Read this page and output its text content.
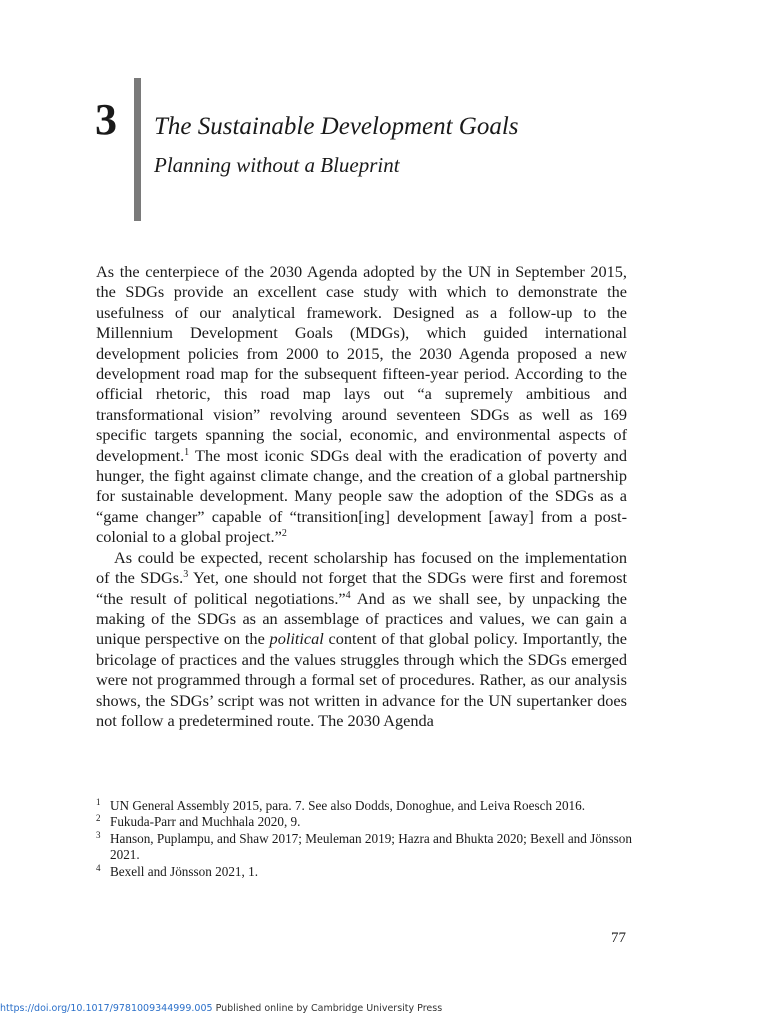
3 The Sustainable Development Goals
Planning without a Blueprint

As the centerpiece of the 2030 Agenda adopted by the UN in September 2015, the SDGs provide an excellent case study with which to demonstrate the usefulness of our analytical framework. Designed as a follow-up to the Millennium Development Goals (MDGs), which guided international development policies from 2000 to 2015, the 2030 Agenda proposed a new development road map for the subsequent fifteen-year period. According to the official rhetoric, this road map lays out “a supremely ambitious and transformational vision” revolving around seventeen SDGs as well as 169 specific targets spanning the social, economic, and environmental aspects of development.$^1$ The most iconic SDGs deal with the eradication of poverty and hunger, the fight against climate change, and the creation of a global partnership for sustainable development. Many people saw the adoption of the SDGs as a “game changer” capable of “transition[ing] development [away] from a post-colonial to a global project.”$^2$

As could be expected, recent scholarship has focused on the implementation of the SDGs.$^3$ Yet, one should not forget that the SDGs were first and foremost “the result of political negotiations.”$^4$ And as we shall see, by unpacking the making of the SDGs as an assemblage of practices and values, we can gain a unique perspective on the political content of that global policy. Importantly, the bricolage of practices and the values struggles through which the SDGs emerged were not programmed through a formal set of procedures. Rather, as our analysis shows, the SDGs’ script was not written in advance for the UN supertanker does not follow a predetermined route. The 2030 Agenda

1 UN General Assembly 2015, para. 7. See also Dodds, Donoghue, and Leiva Roesch 2016.
2 Fukuda-Parr and Muchhala 2020, 9.
3 Hanson, Puplampu, and Shaw 2017; Meuleman 2019; Hazra and Bhukta 2020; Bexell and Jönsson 2021.
4 Bexell and Jönsson 2021, 1.
77
https://doi.org/10.1017/9781009344999.005 Published online by Cambridge University Press
